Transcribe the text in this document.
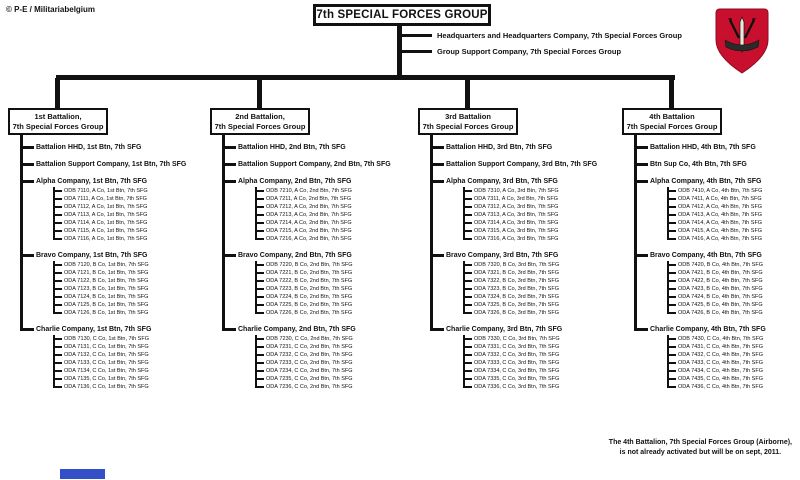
© P-E / Militariabelgium	7th SPECIAL FORCES GROUP
Headquarters and Headquarters Company, 7th Special Forces Group
Group Support Company, 7th Special Forces Group
1st Battalion,
7th Special Forces Group
Battalion HHD, 1st Btn, 7th SFG
Battalion Support Company, 1st Btn, 7th SFG
Alpha Company, 1st Btn, 7th SFG
ODB 7110, A Co, 1st Btn, 7th SFG
ODA 7111, A Co, 1st Btn, 7th SFG
ODA 7112, A Co, 1st Btn, 7th SFG
ODA 7113, A Co, 1st Btn, 7th SFG
ODA 7114, A Co, 1st Btn, 7th SFG
ODA 7115, A Co, 1st Btn, 7th SFG
ODA 7116, A Co, 1st Btn, 7th SFG
Bravo Company, 1st Btn, 7th SFG
ODB 7120, B Co, 1st Btn, 7th SFG
ODA 7121, B Co, 1st Btn, 7th SFG
ODA 7122, B Co, 1st Btn, 7th SFG
ODA 7123, B Co, 1st Btn, 7th SFG
ODA 7124, B Co, 1st Btn, 7th SFG
ODA 7125, B Co, 1st Btn, 7th SFG
ODA 7126, B Co, 1st Btn, 7th SFG
Charlie Company, 1st Btn, 7th SFG
ODB 7130, C Co, 1st Btn, 7th SFG
ODA 7131, C Co, 1st Btn, 7th SFG
ODA 7132, C Co, 1st Btn, 7th SFG
ODA 7133, C Co, 1st Btn, 7th SFG
ODA 7134, C Co, 1st Btn, 7th SFG
ODA 7135, C Co, 1st Btn, 7th SFG
ODA 7136, C Co, 1st Btn, 7th SFG
2nd Battalion,
7th Special Forces Group
Battalion HHD, 2nd Btn, 7th SFG
Battalion Support Company, 2nd Btn, 7th SFG
Alpha Company, 2nd Btn, 7th SFG
ODB 7210, A Co, 2nd Btn, 7th SFG
ODA 7211, A Co, 2nd Btn, 7th SFG
ODA 7212, A Co, 2nd Btn, 7th SFG
ODA 7213, A Co, 2nd Btn, 7th SFG
ODA 7214, A Co, 2nd Btn, 7th SFG
ODA 7215, A Co, 2nd Btn, 7th SFG
ODA 7216, A Co, 2nd Btn, 7th SFG
Bravo Company, 2nd Btn, 7th SFG
ODB 7220, B Co, 2nd Btn, 7th SFG
ODA 7221, B Co, 2nd Btn, 7th SFG
ODA 7222, B Co, 2nd Btn, 7th SFG
ODA 7223, B Co, 2nd Btn, 7th SFG
ODA 7224, B Co, 2nd Btn, 7th SFG
ODA 7225, B Co, 2nd Btn, 7th SFG
ODA 7226, B Co, 2nd Btn, 7th SFG
Charlie Company, 2nd Btn, 7th SFG
ODB 7230, C Co, 2nd Btn, 7th SFG
ODA 7231, C Co, 2nd Btn, 7th SFG
ODA 7232, C Co, 2nd Btn, 7th SFG
ODA 7233, C Co, 2nd Btn, 7th SFG
ODA 7234, C Co, 2nd Btn, 7th SFG
ODA 7235, C Co, 2nd Btn, 7th SFG
ODA 7236, C Co, 2nd Btn, 7th SFG
3rd Battalion
7th Special Forces Group
Battalion HHD, 3rd Btn, 7th SFG
Battalion Support Company, 3rd Btn, 7th SFG
Alpha Company, 3rd Btn, 7th SFG
ODB 7310, A Co, 3rd Btn, 7th SFG
ODA 7311, A Co, 3rd Btn, 7th SFG
ODA 7312, A Co, 3rd Btn, 7th SFG
ODA 7313, A Co, 3rd Btn, 7th SFG
ODA 7314, A Co, 3rd Btn, 7th SFG
ODA 7315, A Co, 3rd Btn, 7th SFG
ODA 7316, A Co, 3rd Btn, 7th SFG
Bravo Company, 3rd Btn, 7th SFG
ODB 7320, B Co, 3rd Btn, 7th SFG
ODA 7321, B Co, 3rd Btn, 7th SFG
ODA 7322, B Co, 3rd Btn, 7th SFG
ODA 7323, B Co, 3rd Btn, 7th SFG
ODA 7324, B Co, 3rd Btn, 7th SFG
ODA 7325, B Co, 3rd Btn, 7th SFG
ODA 7326, B Co, 3rd Btn, 7th SFG
Charlie Company, 3rd Btn, 7th SFG
ODB 7330, C Co, 3rd Btn, 7th SFG
ODA 7331, C Co, 3rd Btn, 7th SFG
ODA 7332, C Co, 3rd Btn, 7th SFG
ODA 7333, C Co, 3rd Btn, 7th SFG
ODA 7334, C Co, 3rd Btn, 7th SFG
ODA 7335, C Co, 3rd Btn, 7th SFG
ODA 7336, C Co, 3rd Btn, 7th SFG
4th Battalion
7th Special Forces Group
Battalion HHD, 4th Btn, 7th SFG
Btn Sup Co, 4th Btn, 7th SFG
Alpha Company, 4th Btn, 7th SFG
ODB 7410, A Co, 4th Btn, 7th SFG
ODA 7411, A Co, 4th Btn, 7th SFG
ODA 7412, A Co, 4th Btn, 7th SFG
ODA 7413, A Co, 4th Btn, 7th SFG
ODA 7414, A Co, 4th Btn, 7th SFG
ODA 7415, A Co, 4th Btn, 7th SFG
ODA 7416, A Co, 4th Btn, 7th SFG
Bravo Company, 4th Btn, 7th SFG
ODB 7420, B Co, 4th Btn, 7th SFG
ODA 7421, B Co, 4th Btn, 7th SFG
ODA 7422, B Co, 4th Btn, 7th SFG
ODA 7423, B Co, 4th Btn, 7th SFG
ODA 7424, B Co, 4th Btn, 7th SFG
ODA 7425, B Co, 4th Btn, 7th SFG
ODA 7426, B Co, 4th Btn, 7th SFG
Charlie Company, 4th Btn, 7th SFG
ODB 7430, C Co, 4th Btn, 7th SFG
ODA 7431, C Co, 4th Btn, 7th SFG
ODA 7432, C Co, 4th Btn, 7th SFG
ODA 7433, C Co, 4th Btn, 7th SFG
ODA 7434, C Co, 4th Btn, 7th SFG
ODA 7435, C Co, 4th Btn, 7th SFG
ODA 7436, C Co, 4th Btn, 7th SFG
The 4th Battalion, 7th Special Forces Group (Airborne),
is not already activated but will be on sept, 2011.
